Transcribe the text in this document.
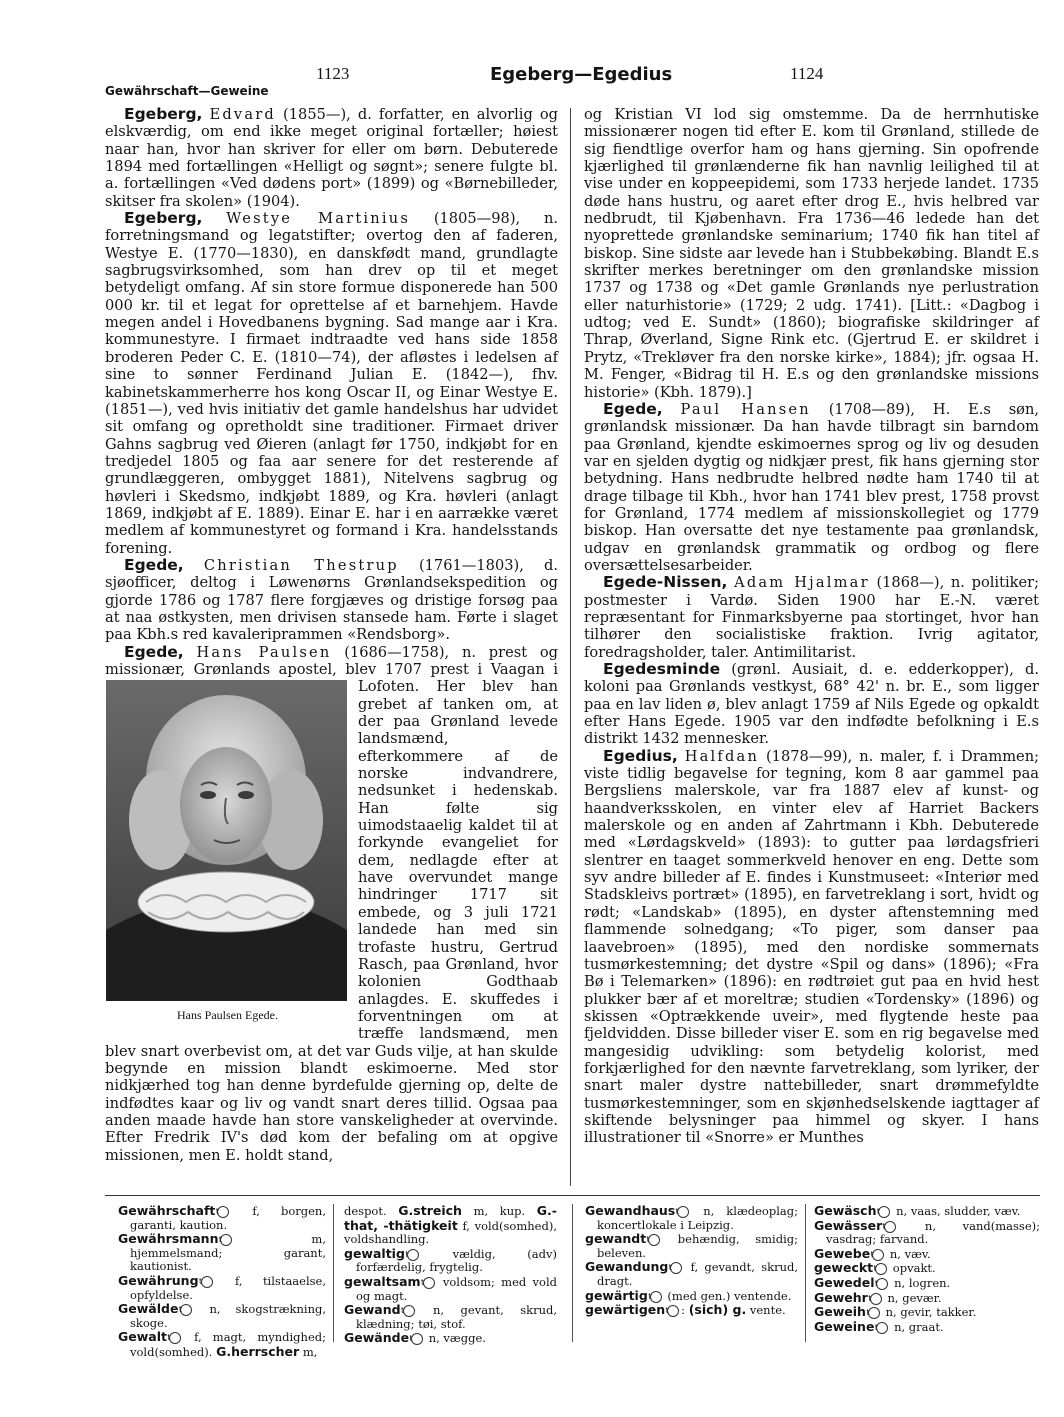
1123	Egeberg—Egedius	1124
Gewährschaft—Geweine

Egeberg, Edvard (1855—), d. forfatter, en alvorlig og elskværdig, om end ikke meget original fortæller; høiest naar han, hvor han skriver for eller om børn. Debuterede 1894 med fortællingen «Helligt og søgnt»; senere fulgte bl. a. fortællingen «Ved dødens port» (1899) og «Børnebilleder, skitser fra skolen» (1904).

Egeberg, Westye Martinius (1805—98), n. forretningsmand og legatstifter; overtog den af faderen, Westye E. (1770—1830), en danskfødt mand, grundlagte sagbrugsvirksomhed, som han drev op til et meget betydeligt omfang. Af sin store formue disponerede han 500 000 kr. til et legat for oprettelse af et barnehjem. Havde megen andel i Hovedbanens bygning. Sad mange aar i Kra. kommunestyre. I firmaet indtraadte ved hans side 1858 broderen Peder C. E. (1810—74), der afløstes i ledelsen af sine to sønner Ferdinand Julian E. (1842—), fhv. kabinetskammerherre hos kong Oscar II, og Einar Westye E. (1851—), ved hvis initiativ det gamle handelshus har udvidet sit omfang og opretholdt sine traditioner. Firmaet driver Gahns sagbrug ved Øieren (anlagt før 1750, indkjøbt for en tredjedel 1805 og faa aar senere for det resterende af grundlæggeren, ombygget 1881), Nitelvens sagbrug og høvleri i Skedsmo, indkjøbt 1889, og Kra. høvleri (anlagt 1869, indkjøbt af E. 1889). Einar E. har i en aarrække været medlem af kommunestyret og formand i Kra. handelsstands forening.

Egede, Christian Thestrup (1761—1803), d. sjøofficer, deltog i Løwenørns Grønlandsekspedition og gjorde 1786 og 1787 flere forgjæves og dristige forsøg paa at naa østkysten, men drivisen stansede ham. Førte i slaget paa Kbh.s red kavaleriprammen «Rendsborg».

Egede, Hans Paulsen (1686—1758), n. prest og missionær, Grønlands apostel,
Hans Paulsen Egede.
blev 1707 prest i Vaagan i Lofoten. Her blev han grebet af tanken om, at der paa Grønland levede landsmænd, efterkommere af de norske indvandrere, nedsunket i hedenskab. Han følte sig uimodstaaelig kaldet til at forkynde evangeliet for dem, nedlagde efter at have overvundet mange hindringer 1717 sit embede, og 3 juli 1721 landede han med sin trofaste hustru, Gertrud Rasch, paa Grønland, hvor kolonien Godthaab anlagdes. E. skuffedes i forventningen om at træffe landsmænd, men blev snart overbevist om, at det var Guds vilje, at han skulde begynde en mission blandt eskimoerne. Med stor nidkjærhed tog han denne byrdefulde gjerning op, delte de indfødtes kaar og liv og vandt snart deres tillid. Ogsaa paa anden maade havde han store vanskeligheder at overvinde. Efter Fredrik IV's død kom der befaling om at opgive missionen, men E. holdt stand,

og Kristian VI lod sig omstemme. Da de herrnhutiske missionærer nogen tid efter E. kom til Grønland, stillede de sig fiendtlige overfor ham og hans gjerning. Sin opofrende kjærlighed til grønlænderne fik han navnlig leilighed til at vise under en koppeepidemi, som 1733 herjede landet. 1735 døde hans hustru, og aaret efter drog E., hvis helbred var nedbrudt, til Kjøbenhavn. Fra 1736—46 ledede han det nyoprettede grønlandske seminarium; 1740 fik han titel af biskop. Sine sidste aar levede han i Stubbekøbing. Blandt E.s skrifter merkes beretninger om den grønlandske mission 1737 og 1738 og «Det gamle Grønlands nye perlustration eller naturhistorie» (1729; 2 udg. 1741). [Litt.: «Dagbog i udtog; ved E. Sundt» (1860); biografiske skildringer af Thrap, Øverland, Signe Rink etc. (Gjertrud E. er skildret i Prytz, «Trekløver fra den norske kirke», 1884); jfr. ogsaa H. M. Fenger, «Bidrag til H. E.s og den grønlandske missions historie» (Kbh. 1879).]

Egede, Paul Hansen (1708—89), H. E.s søn, grønlandsk missionær. Da han havde tilbragt sin barndom paa Grønland, kjendte eskimoernes sprog og liv og desuden var en sjelden dygtig og nidkjær prest, fik hans gjerning stor betydning. Hans nedbrudte helbred nødte ham 1740 til at drage tilbage til Kbh., hvor han 1741 blev prest, 1758 provst for Grønland, 1774 medlem af missionskollegiet og 1779 biskop. Han oversatte det nye testamente paa grønlandsk, udgav en grønlandsk grammatik og ordbog og flere oversættelsesarbeider.

Egede-Nissen, Adam Hjalmar (1868—), n. politiker; postmester i Vardø. Siden 1900 har E.-N. været repræsentant for Finmarksbyerne paa stortinget, hvor han tilhører den socialistiske fraktion. Ivrig agitator, foredragsholder, taler. Antimilitarist.

Egedesminde (grønl. Ausiait, d. e. edderkopper), d. koloni paa Grønlands vestkyst, 68° 42' n. br. E., som ligger paa en lav liden ø, blev anlagt 1759 af Nils Egede og opkaldt efter Hans Egede. 1905 var den indfødte befolkning i E.s distrikt 1432 mennesker.

Egedius, Halfdan (1878—99), n. maler, f. i Drammen; viste tidlig begavelse for tegning, kom 8 aar gammel paa Bergsliens malerskole, var fra 1887 elev af kunst- og haandverksskolen, en vinter elev af Harriet Backers malerskole og en anden af Zahrtmann i Kbh. Debuterede med «Lørdagskveld» (1893): to gutter paa lørdagsfrieri slentrer en taaget sommerkveld henover en eng. Dette som syv andre billeder af E. findes i Kunstmuseet: «Interiør med Stadskleivs portræt» (1895), en farvetreklang i sort, hvidt og rødt; «Landskab» (1895), en dyster aftenstemning med flammende solnedgang; «To piger, som danser paa laavebroen» (1895), med den nordiske sommernats tusmørkestemning; det dystre «Spil og dans» (1896); «Fra Bø i Telemarken» (1896): en rødtrøiet gut paa en hvid hest plukker bær af et moreltræ; studien «Tordensky» (1896) og skissen «Optrækkende uveir», med flygtende heste paa fjeldvidden. Disse billeder viser E. som en rig begavelse med mangesidig udvikling: som betydelig kolorist, med forkjærlighed for den nævnte farvetreklang, som lyriker, der snart maler dystre nattebilleder, snart drømmefyldte tusmørkestemninger, som en skjønhedselskende iagttager af skiftende belysninger paa himmel og skyer. I hans illustrationer til «Snorre» er Munthes

Gewährschaftt f, borgen, garanti, kaution.

Gewährsmannt m, hjemmelsmand; garant, kautionist.

Gewährungt f, tilstaaelse, opfyldelse.

Gewäldet n, skogstrækning, skoge.

Gewaltt f, magt, myndighed; vold(somhed). G.herrscher m,

despot. G.streich m, kup. G.-that, -thätigkeit f, vold(somhed), voldshandling.

gewaltigt vældig, (adv) forfærdelig, frygtelig.

gewaltsamt voldsom; med vold og magt.

Gewandt n, gevant, skrud, klædning; tøi, stof.

Gewändet n, vægge.

Gewandhaust n, klædeoplag; koncertlokale i Leipzig.

gewandtt behændig, smidig; beleven.

Gewandungt f, gevandt, skrud, dragt.

gewärtigt (med gen.) ventende.

gewärtigent : (sich) g. vente.

Gewäscht n, vaas, sludder, væv.

Gewässert n, vand(masse); vasdrag; farvand.

Gewebet n, væv.

gewecktt opvakt.

Gewedelt n, logren.

Gewehrt n, gevær.

Geweiht n, gevir, takker.

Geweinet n, graat.
